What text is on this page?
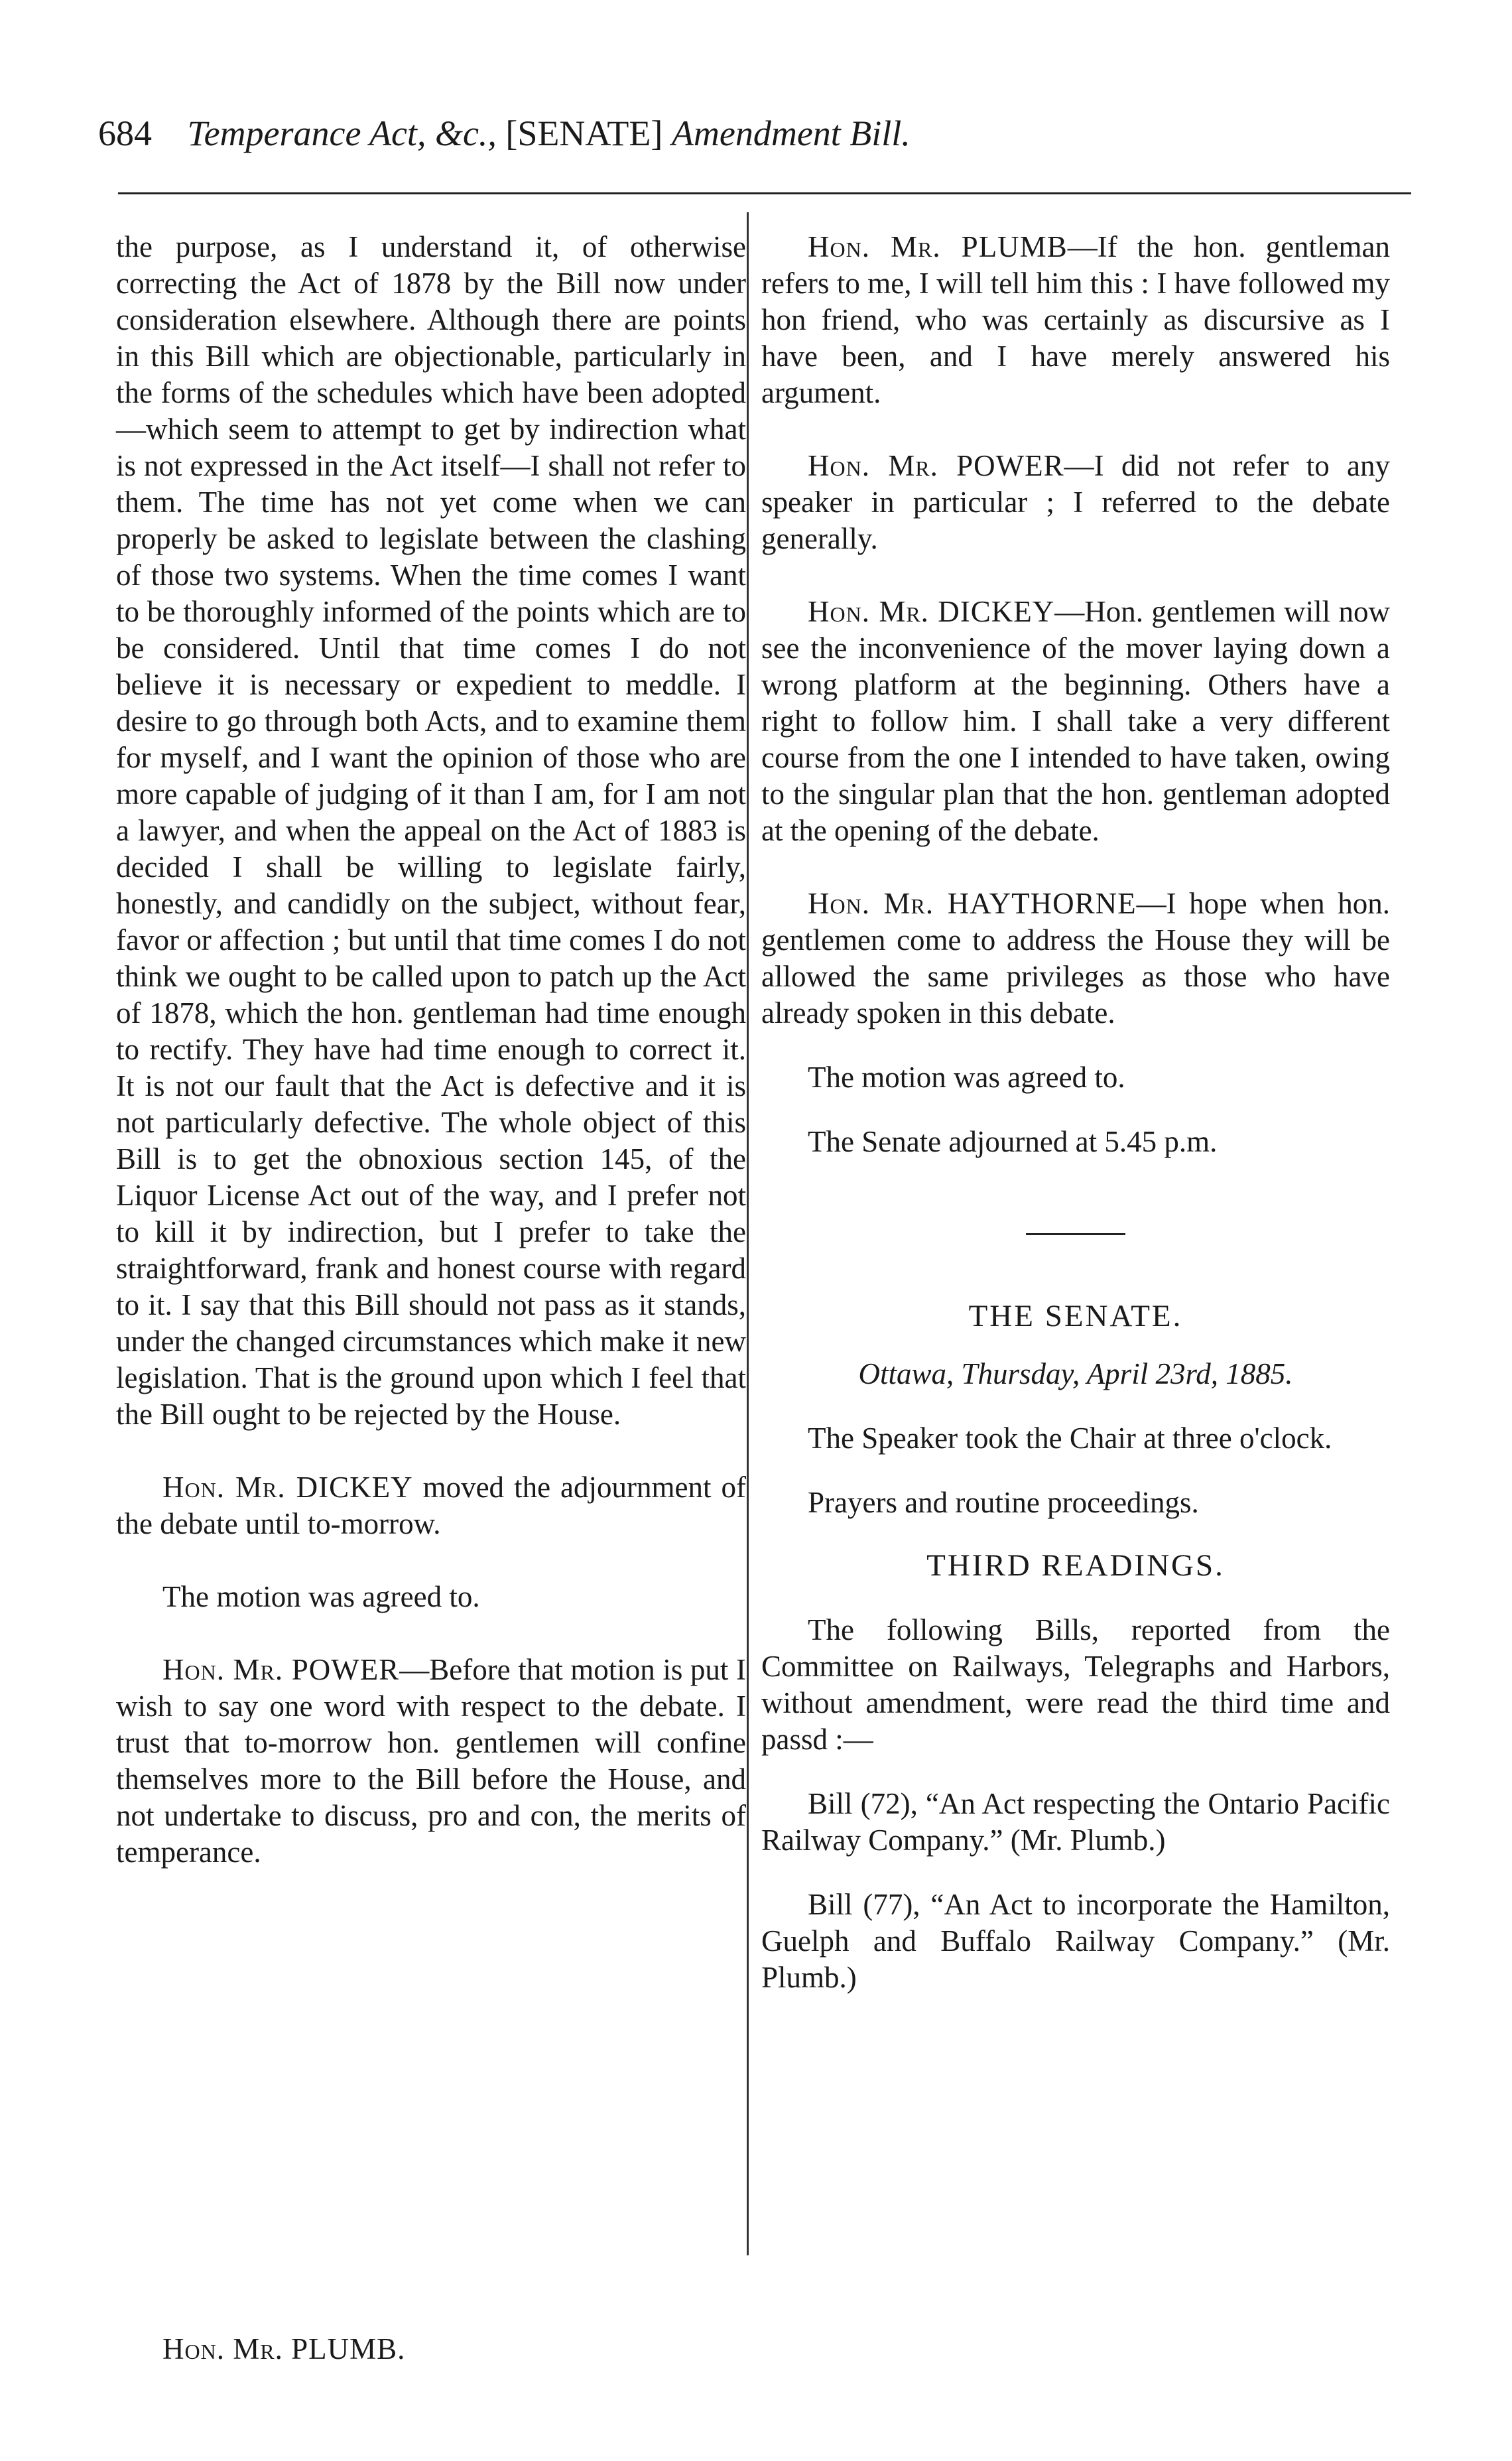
684 Temperance Act, &c., [SENATE] Amendment Bill.

the purpose, as I understand it, of otherwise correcting the Act of 1878 by the Bill now under consideration elsewhere. Although there are points in this Bill which are objectionable, particularly in the forms of the schedules which have been adopted—which seem to attempt to get by indirection what is not expressed in the Act itself—I shall not refer to them. The time has not yet come when we can properly be asked to legislate between the clashing of those two systems. When the time comes I want to be thoroughly informed of the points which are to be considered. Until that time comes I do not believe it is necessary or expedient to meddle. I desire to go through both Acts, and to examine them for myself, and I want the opinion of those who are more capable of judging of it than I am, for I am not a lawyer, and when the appeal on the Act of 1883 is decided I shall be willing to legislate fairly, honestly, and candidly on the subject, without fear, favor or affection ; but until that time comes I do not think we ought to be called upon to patch up the Act of 1878, which the hon. gentleman had time enough to rectify. They have had time enough to correct it. It is not our fault that the Act is defective and it is not particularly defective. The whole object of this Bill is to get the obnoxious section 145, of the Liquor License Act out of the way, and I prefer not to kill it by indirection, but I prefer to take the straightforward, frank and honest course with regard to it. I say that this Bill should not pass as it stands, under the changed circumstances which make it new legislation. That is the ground upon which I feel that the Bill ought to be rejected by the House.

Hon. Mr. DICKEY moved the adjournment of the debate until to-morrow.

The motion was agreed to.

Hon. Mr. POWER—Before that motion is put I wish to say one word with respect to the debate. I trust that to-morrow hon. gentlemen will confine themselves more to the Bill before the House, and not undertake to discuss, pro and con, the merits of temperance.

Hon. Mr. PLUMB.

Hon. Mr. PLUMB—If the hon. gentleman refers to me, I will tell him this : I have followed my hon friend, who was certainly as discursive as I have been, and I have merely answered his argument.

Hon. Mr. POWER—I did not refer to any speaker in particular ; I referred to the debate generally.

Hon. Mr. DICKEY—Hon. gentlemen will now see the inconvenience of the mover laying down a wrong platform at the beginning. Others have a right to follow him. I shall take a very different course from the one I intended to have taken, owing to the singular plan that the hon. gentleman adopted at the opening of the debate.

Hon. Mr. HAYTHORNE—I hope when hon. gentlemen come to address the House they will be allowed the same privileges as those who have already spoken in this debate.

The motion was agreed to.

The Senate adjourned at 5.45 p.m.

THE SENATE.

Ottawa, Thursday, April 23rd, 1885.

The Speaker took the Chair at three o'clock.

Prayers and routine proceedings.

THIRD READINGS.

The following Bills, reported from the Committee on Railways, Telegraphs and Harbors, without amendment, were read the third time and passd :—

Bill (72), “An Act respecting the Ontario Pacific Railway Company.” (Mr. Plumb.)

Bill (77), “An Act to incorporate the Hamilton, Guelph and Buffalo Railway Company.” (Mr. Plumb.)
